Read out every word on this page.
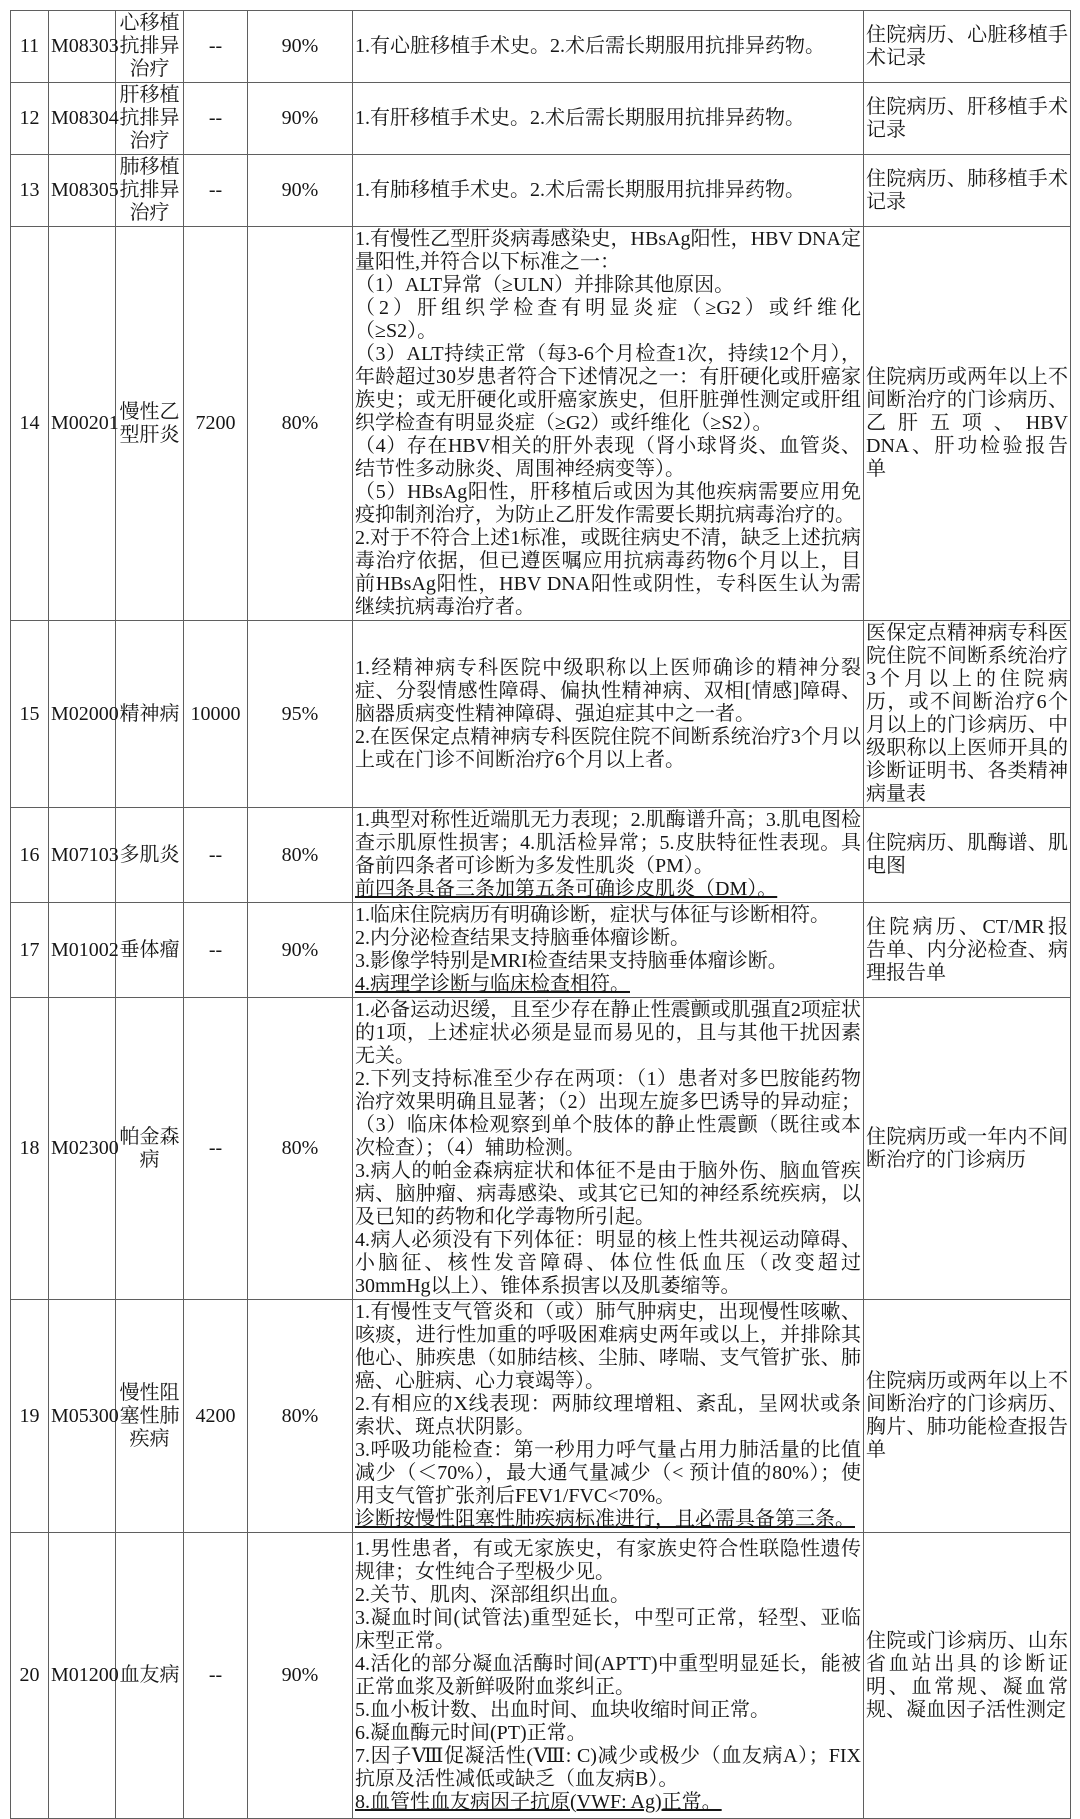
11	M08303	心移植抗排异治疗	--	90%	1.有心脏移植手术史。2.术后需长期服用抗排异药物。	住院病历、心脏移植手术记录
12	M08304	肝移植抗排异治疗	--	90%	1.有肝移植手术史。2.术后需长期服用抗排异药物。	住院病历、肝移植手术记录
13	M08305	肺移植抗排异治疗	--	90%	1.有肺移植手术史。2.术后需长期服用抗排异药物。	住院病历、肺移植手术记录
14	M00201	慢性乙型肝炎	7200	80%	
1.有慢性乙型肝炎病毒感染史，HBsAg阳性，HBV DNA定量阳性,并符合以下标准之一：
（1）ALT异常（≥ULN）并排除其他原因。
（2）肝组织学检查有明显炎症（≥G2）或纤维化（≥S2）。
（3）ALT持续正常（每3-6个月检查1次，持续12个月），年龄超过30岁患者符合下述情况之一：有肝硬化或肝癌家族史；或无肝硬化或肝癌家族史，但肝脏弹性测定或肝组织学检查有明显炎症（≥G2）或纤维化（≥S2）。
（4）存在HBV相关的肝外表现（肾小球肾炎、血管炎、结节性多动脉炎、周围神经病变等）。
（5）HBsAg阳性，肝移植后或因为其他疾病需要应用免疫抑制剂治疗，为防止乙肝发作需要长期抗病毒治疗的。
2.对于不符合上述1标准，或既往病史不清，缺乏上述抗病毒治疗依据，但已遵医嘱应用抗病毒药物6个月以上，目前HBsAg阳性，HBV DNA阳性或阴性，专科医生认为需继续抗病毒治疗者。
	住院病历或两年以上不间断治疗的门诊病历、乙肝五项、HBV DNA、肝功检验报告单
15	M02000	精神病	10000	95%	1.经精神病专科医院中级职称以上医师确诊的精神分裂症、分裂情感性障碍、偏执性精神病、双相[情感]障碍、脑器质病变性精神障碍、强迫症其中之一者。
2.在医保定点精神病专科医院住院不间断系统治疗3个月以上或在门诊不间断治疗6个月以上者。	医保定点精神病专科医院住院不间断系统治疗3个月以上的住院病历，或不间断治疗6个月以上的门诊病历、中级职称以上医师开具的诊断证明书、各类精神病量表
16	M07103	多肌炎	--	80%	1.典型对称性近端肌无力表现；2.肌酶谱升高；3.肌电图检查示肌原性损害；4.肌活检异常；5.皮肤特征性表现。具备前四条者可诊断为多发性肌炎（PM）。
前四条具备三条加第五条可确诊皮肌炎（DM）。	住院病历、肌酶谱、肌电图
17	M01002	垂体瘤	--	90%	1.临床住院病历有明确诊断，症状与体征与诊断相符。
2.内分泌检查结果支持脑垂体瘤诊断。
3.影像学特别是MRI检查结果支持脑垂体瘤诊断。
4.病理学诊断与临床检查相符。	住院病历、CT/MR报告单、内分泌检查、病理报告单
18	M02300	帕金森病	--	80%	1.必备运动迟缓，且至少存在静止性震颤或肌强直2项症状的1项，上述症状必须是显而易见的，且与其他干扰因素无关。
2.下列支持标准至少存在两项：（1）患者对多巴胺能药物治疗效果明确且显著；（2）出现左旋多巴诱导的异动症；（3）临床体检观察到单个肢体的静止性震颤（既往或本次检查）；（4）辅助检测。
3.病人的帕金森病症状和体征不是由于脑外伤、脑血管疾病、脑肿瘤、病毒感染、或其它已知的神经系统疾病，以及已知的药物和化学毒物所引起。
4.病人必须没有下列体征：明显的核上性共视运动障碍、小脑征、核性发音障碍、体位性低血压（改变超过30mmHg以上）、锥体系损害以及肌萎缩等。	住院病历或一年内不间断治疗的门诊病历
19	M05300	慢性阻塞性肺疾病	4200	80%	1.有慢性支气管炎和（或）肺气肿病史，出现慢性咳嗽、咳痰，进行性加重的呼吸困难病史两年或以上，并排除其他心、肺疾患（如肺结核、尘肺、哮喘、支气管扩张、肺癌、心脏病、心力衰竭等）。
2.有相应的X线表现：两肺纹理增粗、紊乱，呈网状或条索状、斑点状阴影。
3.呼吸功能检查：第一秒用力呼气量占用力肺活量的比值减少（＜70%），最大通气量减少（< 预计值的80%）；使用支气管扩张剂后FEV1/FVC<70%。
诊断按慢性阻塞性肺疾病标准进行，且必需具备第三条。	住院病历或两年以上不间断治疗的门诊病历、胸片、肺功能检查报告单
20	M01200	血友病	--	90%	
1.男性患者，有或无家族史，有家族史符合性联隐性遗传规律；女性纯合子型极少见。
2.关节、肌肉、深部组织出血。
3.凝血时间(试管法)重型延长，中型可正常，轻型、亚临床型正常。
4.活化的部分凝血活酶时间(APTT)中重型明显延长，能被正常血浆及新鲜吸附血浆纠正。
5.血小板计数、出血时间、血块收缩时间正常。
6.凝血酶元时间(PT)正常。
7.因子Ⅷ促凝活性(Ⅷ: C)减少或极少（血友病A）；FIX抗原及活性减低或缺乏（血友病B）。
8.血管性血友病因子抗原(VWF: Ag)正常。
	住院或门诊病历、山东省血站出具的诊断证明、血常规、凝血常规、凝血因子活性测定
